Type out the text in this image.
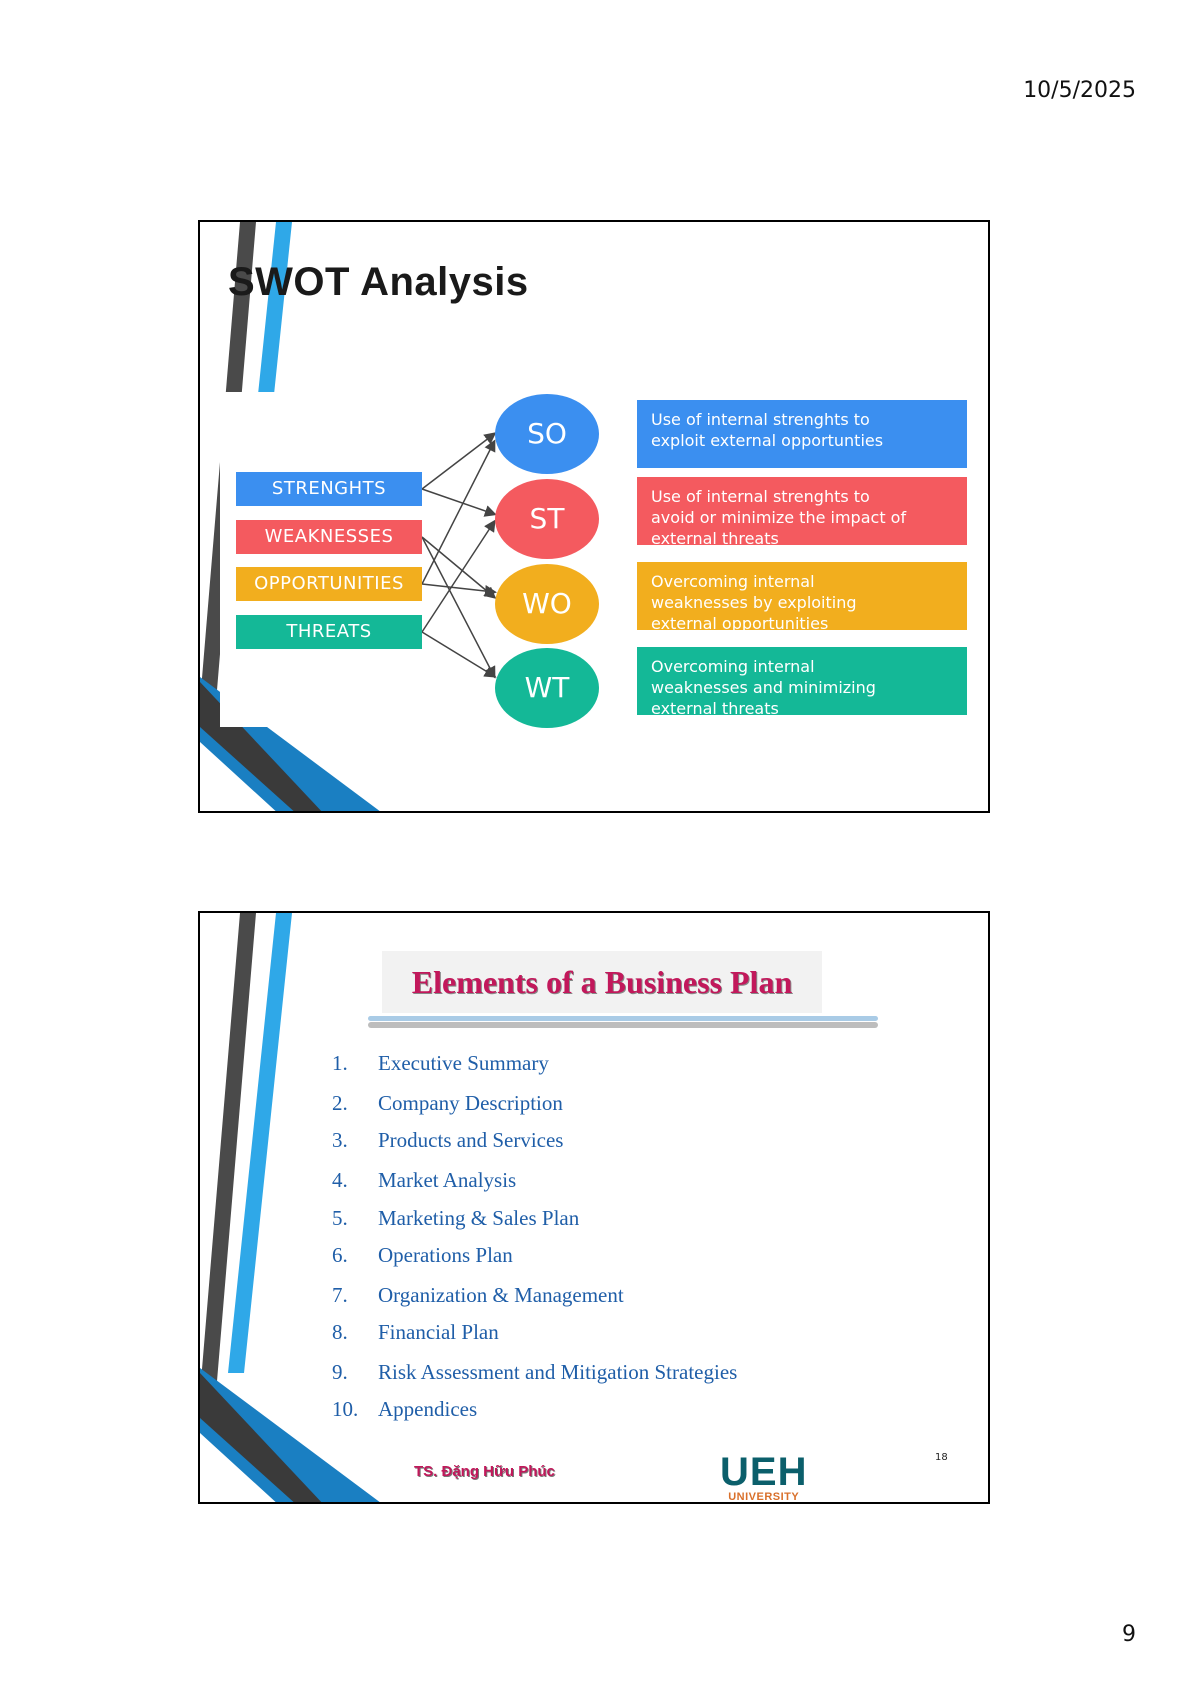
10/5/2025
SWOT Analysis
STRENGHTS
WEAKNESSES
OPPORTUNITIES
THREATS
SO
ST
WO
WT
Use of internal strenghts to
exploit external opportunties
Use of internal strenghts to
avoid or minimize the impact of
external threats
Overcoming internal
weaknesses by exploiting
external opportunities
Overcoming internal
weaknesses and minimizing
external threats
Elements of a Business Plan
1. Executive Summary
2. Company Description
3. Products and Services
4. Market Analysis
5. Marketing & Sales Plan
6. Operations Plan
7. Organization & Management
8. Financial Plan
9. Risk Assessment and Mitigation Strategies
10. Appendices

TS. Đặng Hữu Phúc	UEH
UNIVERSITY
18
9
